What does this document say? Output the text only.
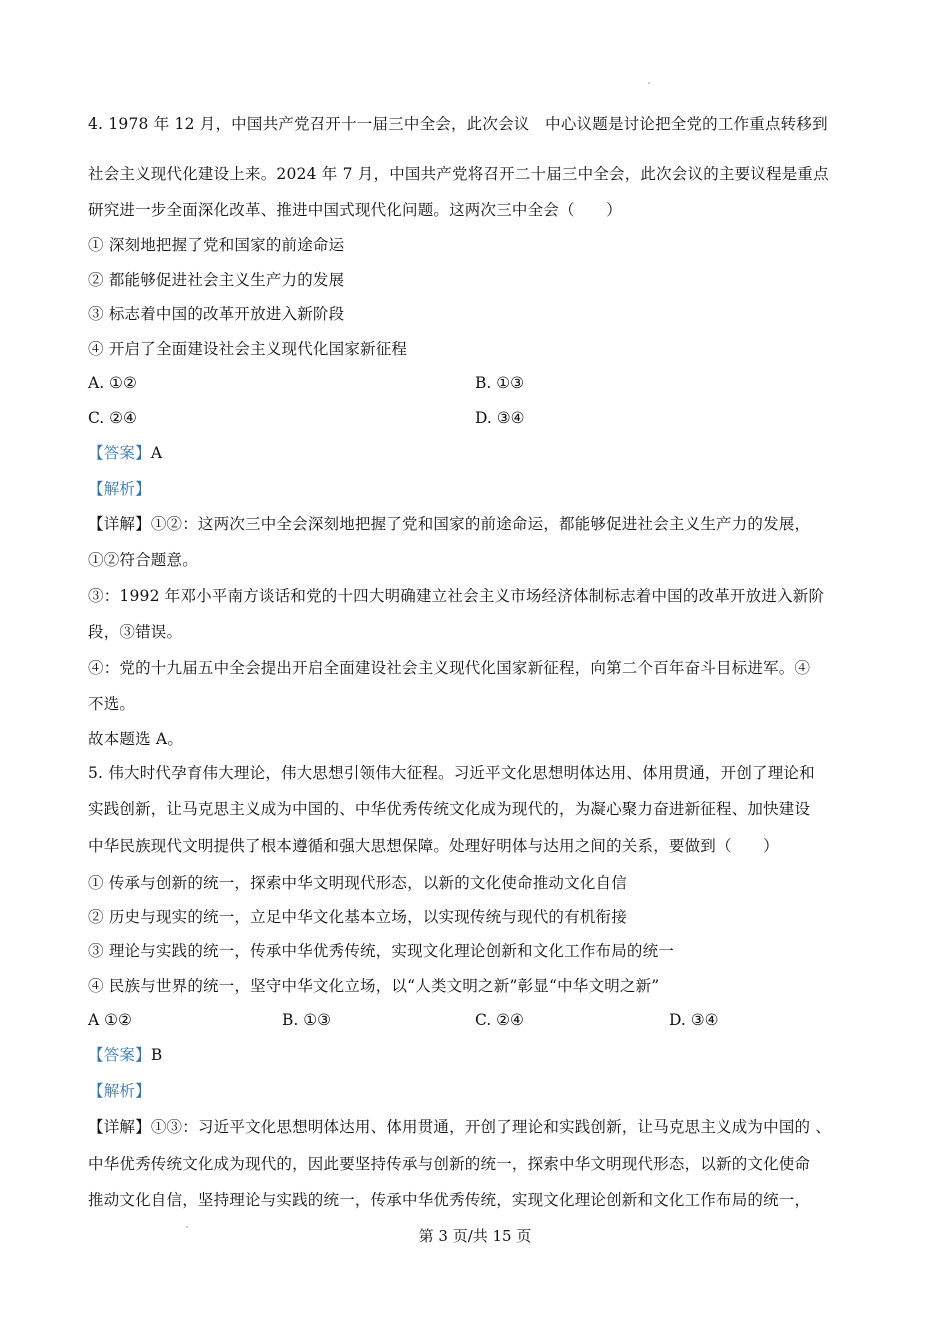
4. 1978 年 12 月，中国共产党召开十一届三中全会，此次会议　中心议题是讨论把全党的工作重点转移到
社会主义现代化建设上来。2024 年 7 月，中国共产党将召开二十届三中全会，此次会议的主要议程是重点
研究进一步全面深化改革、推进中国式现代化问题。这两次三中全会（　　）
① 深刻地把握了党和国家的前途命运
② 都能够促进社会主义生产力的发展
③ 标志着中国的改革开放进入新阶段
④ 开启了全面建设社会主义现代化国家新征程
A. ①②	B. ①③
C. ②④	D. ③④
【答案】A
【解析】
【详解】①②：这两次三中全会深刻地把握了党和国家的前途命运，都能够促进社会主义生产力的发展，
①②符合题意。
③：1992 年邓小平南方谈话和党的十四大明确建立社会主义市场经济体制标志着中国的改革开放进入新阶
段，③错误。
④：党的十九届五中全会提出开启全面建设社会主义现代化国家新征程，向第二个百年奋斗目标进军。④
不选。
故本题选 A。
5. 伟大时代孕育伟大理论，伟大思想引领伟大征程。习近平文化思想明体达用、体用贯通，开创了理论和
实践创新，让马克思主义成为中国的、中华优秀传统文化成为现代的，为凝心聚力奋进新征程、加快建设
中华民族现代文明提供了根本遵循和强大思想保障。处理好明体与达用之间的关系，要做到（　　）
① 传承与创新的统一，探索中华文明现代形态，以新的文化使命推动文化自信
② 历史与现实的统一，立足中华文化基本立场，以实现传统与现代的有机衔接
③ 理论与实践的统一，传承中华优秀传统，实现文化理论创新和文化工作布局的统一
④ 民族与世界的统一，坚守中华文化立场，以“人类文明之新”彰显“中华文明之新”
A ①②	B. ①③	C. ②④	D. ③④
【答案】B
【解析】
【详解】①③：习近平文化思想明体达用、体用贯通，开创了理论和实践创新，让马克思主义成为中国的 、
中华优秀传统文化成为现代的，因此要坚持传承与创新的统一，探索中华文明现代形态，以新的文化使命
推动文化自信，坚持理论与实践的统一，传承中华优秀传统，实现文化理论创新和文化工作布局的统一，
第 3 页/共 15 页
